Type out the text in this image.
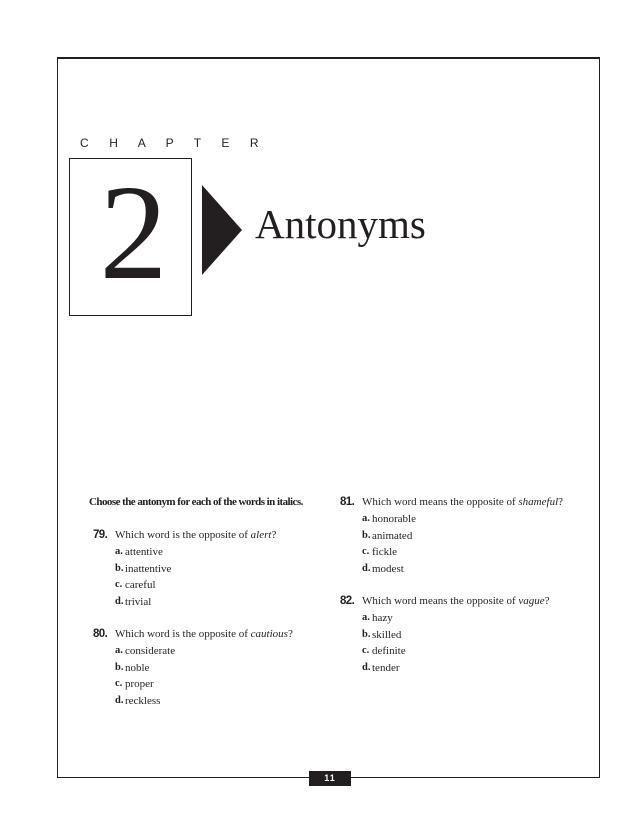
C H A P T E R
2	Antonyms
Choose the antonym for each of the words in italics.
79. Which word is the opposite of alert?
a. attentive
b. inattentive
c. careful
d. trivial
80. Which word is the opposite of cautious?
a. considerate
b. noble
c. proper
d. reckless
81. Which word means the opposite of shameful?
a. honorable
b. animated
c. fickle
d. modest
82. Which word means the opposite of vague?
a. hazy
b. skilled
c. definite
d. tender
11
